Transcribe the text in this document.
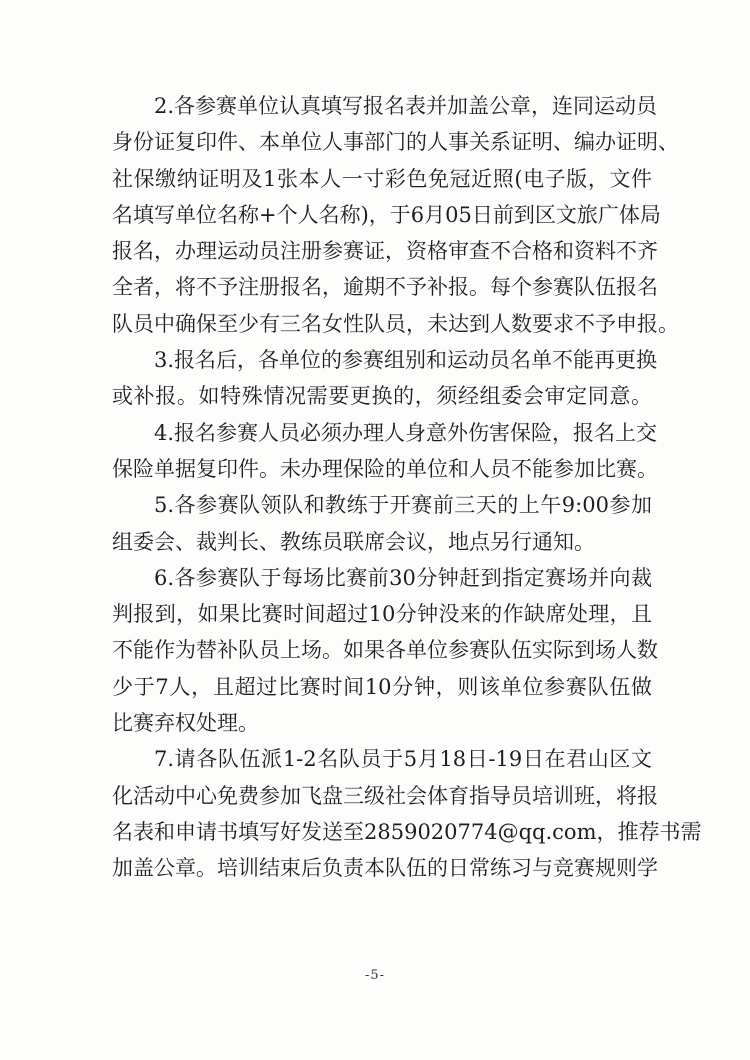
2.各参赛单位认真填写报名表并加盖公章，连同运动员
身份证复印件、本单位人事部门的人事关系证明、编办证明、
社保缴纳证明及1张本人一寸彩色免冠近照(电子版，文件
名填写单位名称+个人名称)，于6月05日前到区文旅广体局
报名，办理运动员注册参赛证，资格审查不合格和资料不齐
全者，将不予注册报名，逾期不予补报。每个参赛队伍报名
队员中确保至少有三名女性队员，未达到人数要求不予申报。
3.报名后，各单位的参赛组别和运动员名单不能再更换
或补报。如特殊情况需要更换的，须经组委会审定同意。
4.报名参赛人员必须办理人身意外伤害保险，报名上交
保险单据复印件。未办理保险的单位和人员不能参加比赛。
5.各参赛队领队和教练于开赛前三天的上午9:00参加
组委会、裁判长、教练员联席会议，地点另行通知。
6.各参赛队于每场比赛前30分钟赶到指定赛场并向裁
判报到，如果比赛时间超过10分钟没来的作缺席处理，且
不能作为替补队员上场。如果各单位参赛队伍实际到场人数
少于7人，且超过比赛时间10分钟，则该单位参赛队伍做
比赛弃权处理。
7.请各队伍派1-2名队员于5月18日-19日在君山区文
化活动中心免费参加飞盘三级社会体育指导员培训班，将报
名表和申请书填写好发送至2859020774@qq.com，推荐书需
加盖公章。培训结束后负责本队伍的日常练习与竞赛规则学
-5-
